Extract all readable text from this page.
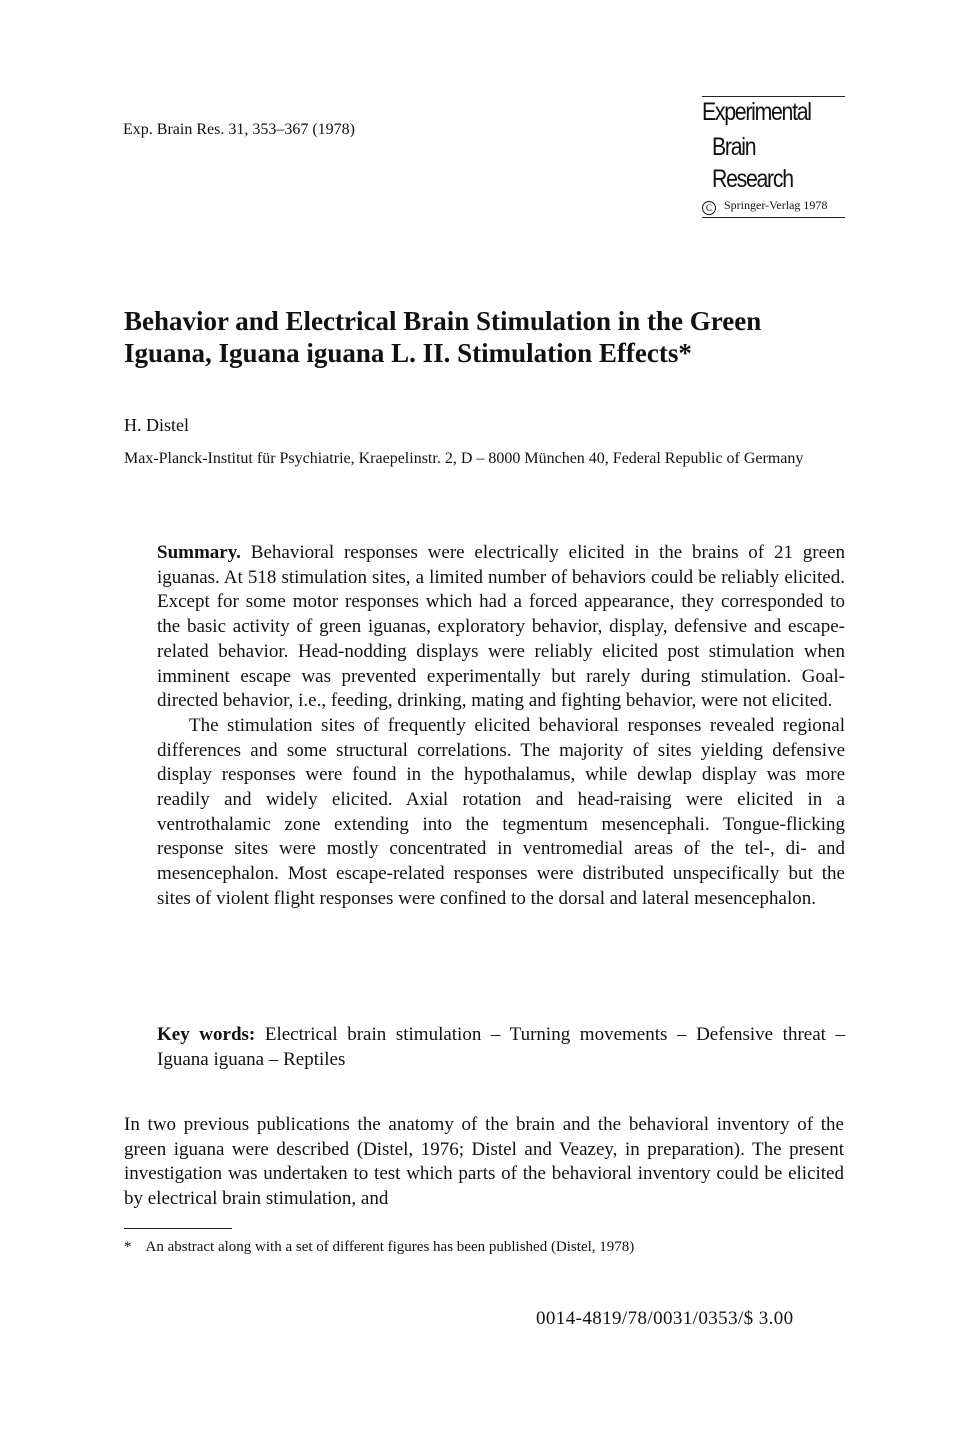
Exp. Brain Res. 31, 353–367 (1978)
Experimental
Brain
Research
C Springer-Verlag 1978
Behavior and Electrical Brain Stimulation in the Green Iguana, Iguana iguana L. II. Stimulation Effects*
H. Distel
Max-Planck-Institut für Psychiatrie, Kraepelinstr. 2, D – 8000 München 40, Federal Republic of Germany

Summary. Behavioral responses were electrically elicited in the brains of 21 green iguanas. At 518 stimulation sites, a limited number of behaviors could be reliably elicited. Except for some motor responses which had a forced appearance, they corresponded to the basic activity of green iguanas, exploratory behavior, display, defensive and escape-related behavior. Head-nodding displays were reliably elicited post stimulation when imminent escape was prevented experimentally but rarely during stimulation. Goal-directed behavior, i.e., feeding, drinking, mating and fighting behavior, were not elicited.

The stimulation sites of frequently elicited behavioral responses revealed regional differences and some structural correlations. The majority of sites yielding defensive display responses were found in the hypothalamus, while dewlap display was more readily and widely elicited. Axial rotation and head-raising were elicited in a ventrothalamic zone extending into the tegmentum mesencephali. Tongue-flicking response sites were mostly concentrated in ventromedial areas of the tel-, di- and mesencephalon. Most escape-related responses were distributed unspecifically but the sites of violent flight responses were confined to the dorsal and lateral mesencephalon.

Key words: Electrical brain stimulation – Turning movements – Defensive threat – Iguana iguana – Reptiles
In two previous publications the anatomy of the brain and the behavioral inventory of the green iguana were described (Distel, 1976; Distel and Veazey, in preparation). The present investigation was undertaken to test which parts of the behavioral inventory could be elicited by electrical brain stimulation, and
* An abstract along with a set of different figures has been published (Distel, 1978)
0014-4819/78/0031/0353/$ 3.00
